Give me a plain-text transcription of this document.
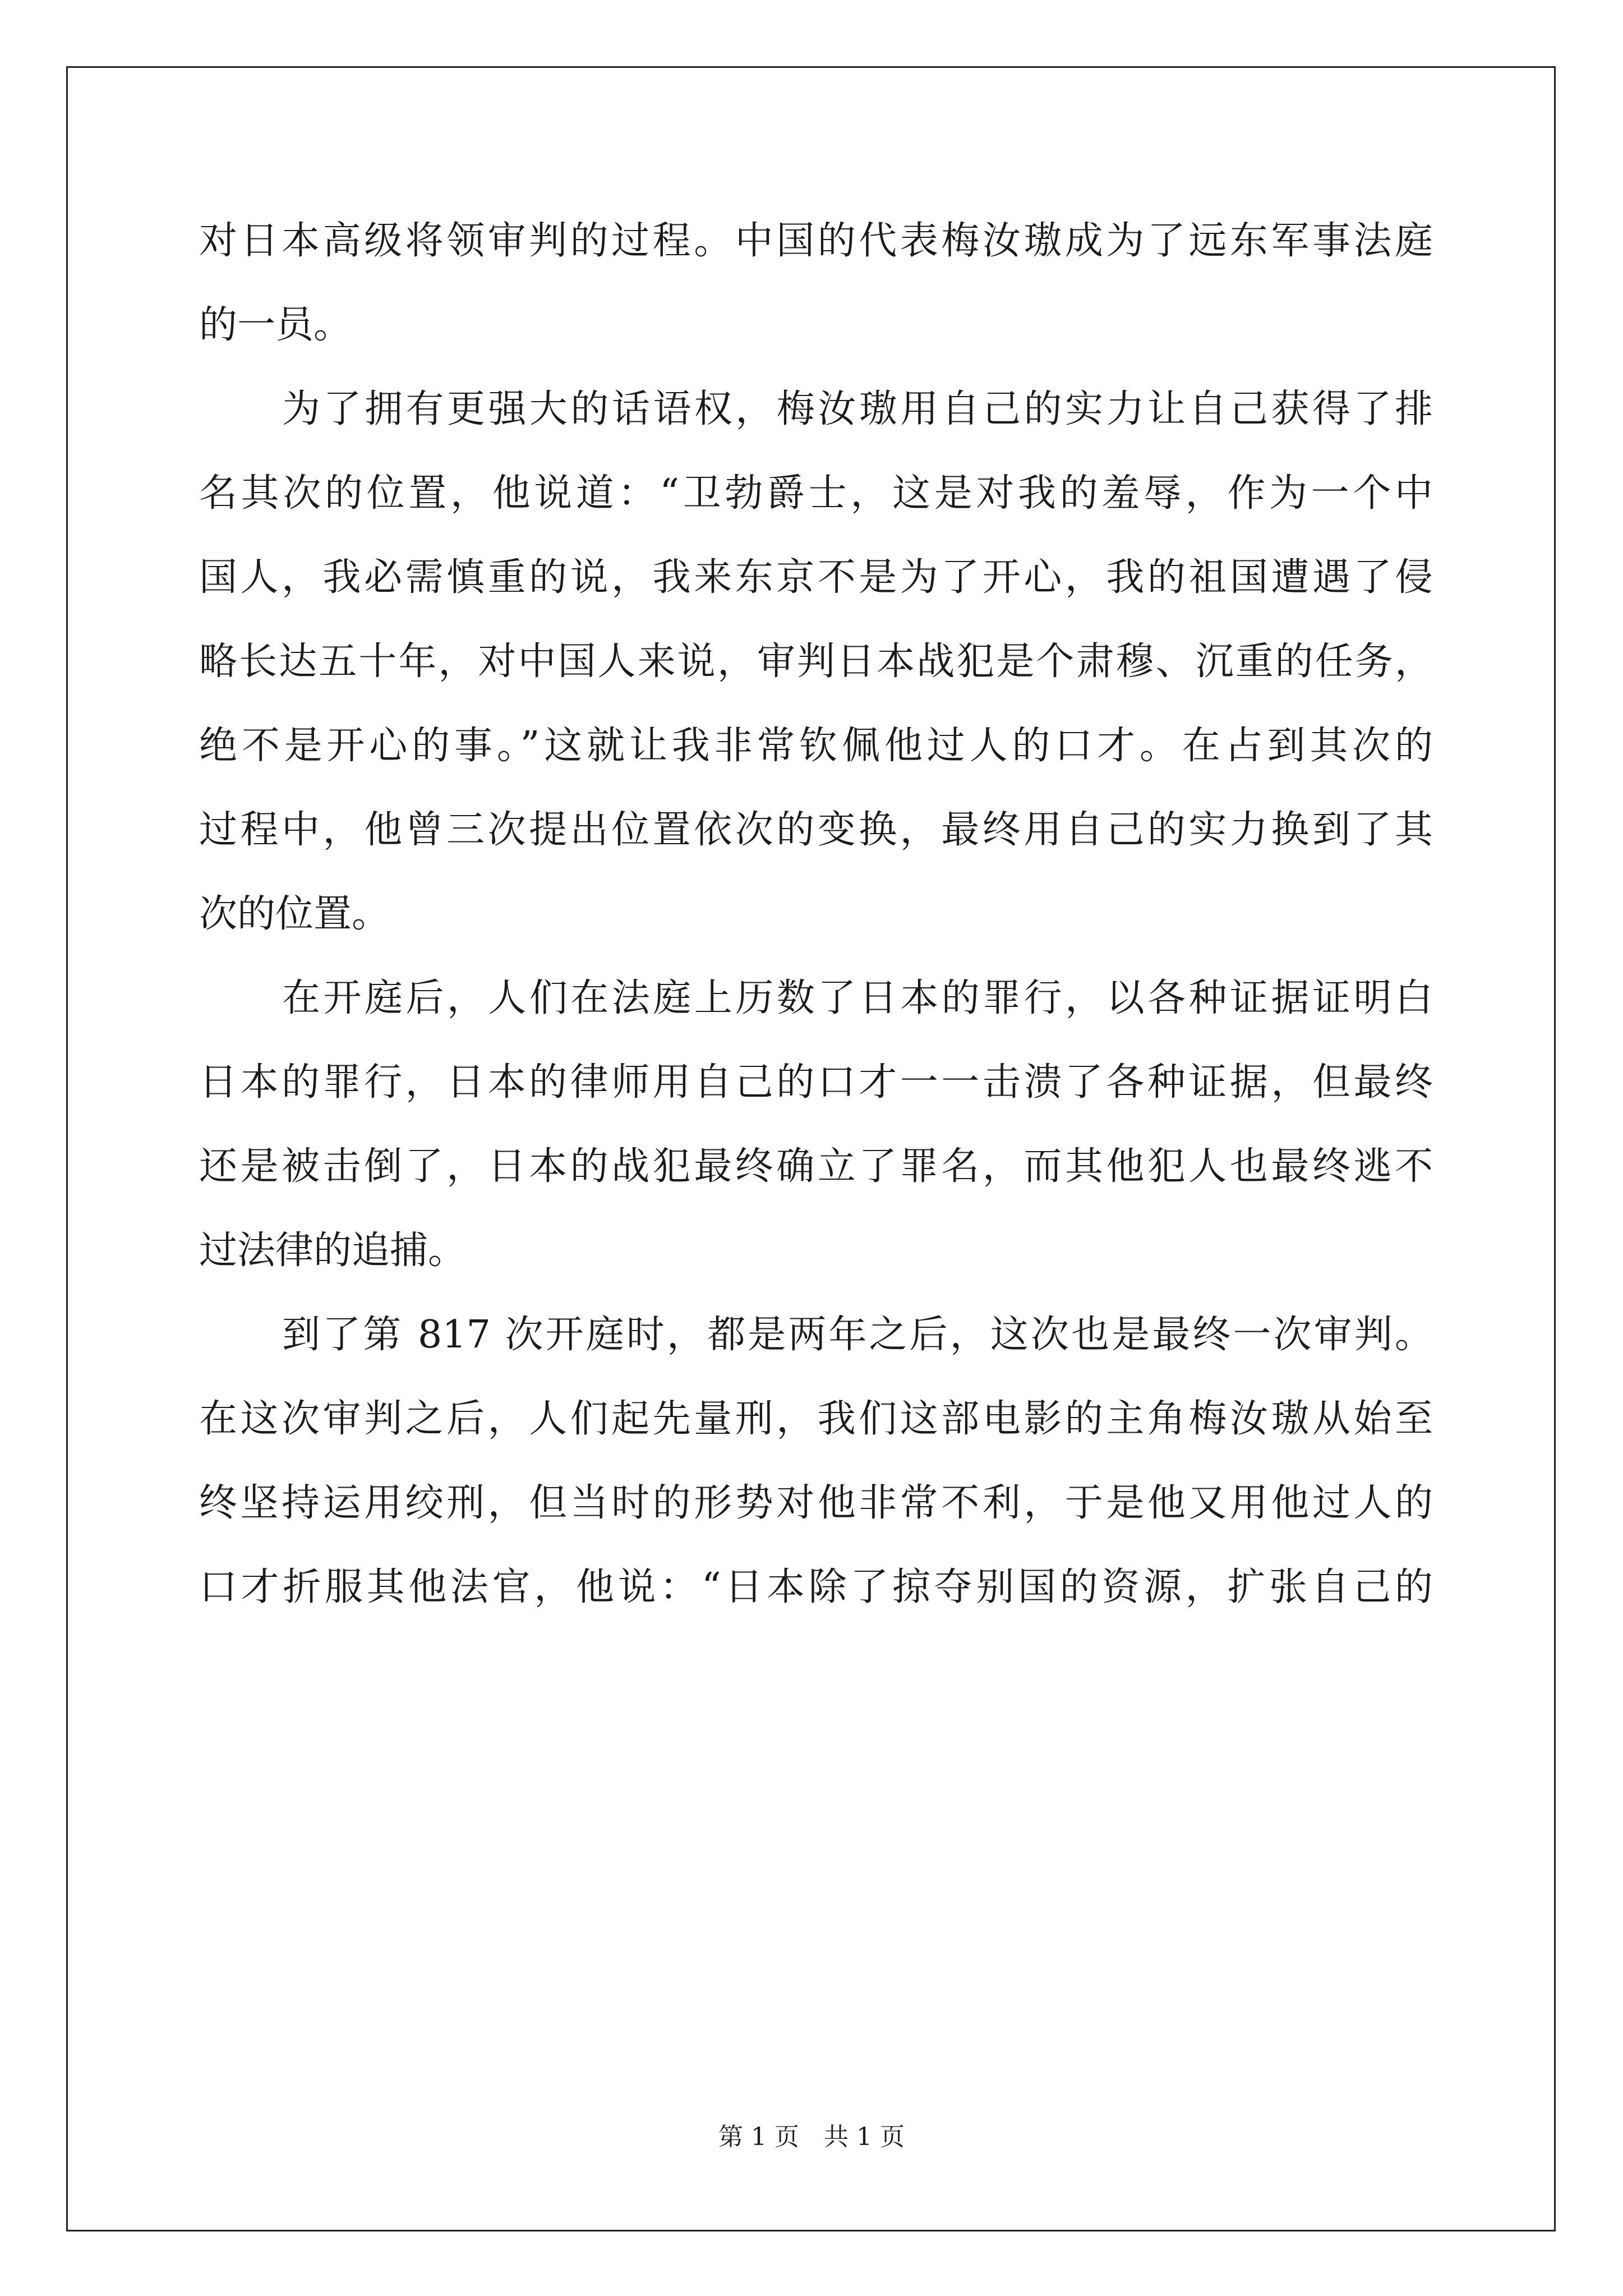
对日本高级将领审判的过程。中国的代表梅汝璈成为了远东军事法庭
的一员。
为了拥有更强大的话语权，梅汝璈用自己的实力让自己获得了排
名其次的位置，他说道：“卫勃爵士，这是对我的羞辱，作为一个中
国人，我必需慎重的说，我来东京不是为了开心，我的祖国遭遇了侵
略长达五十年，对中国人来说，审判日本战犯是个肃穆、沉重的任务，
绝不是开心的事。”这就让我非常钦佩他过人的口才。在占到其次的
过程中，他曾三次提出位置依次的变换，最终用自己的实力换到了其
次的位置。
在开庭后，人们在法庭上历数了日本的罪行，以各种证据证明白
日本的罪行，日本的律师用自己的口才一一击溃了各种证据，但最终
还是被击倒了，日本的战犯最终确立了罪名，而其他犯人也最终逃不
过法律的追捕。
到了第 817 次开庭时，都是两年之后，这次也是最终一次审判。
在这次审判之后，人们起先量刑，我们这部电影的主角梅汝璈从始至
终坚持运用绞刑，但当时的形势对他非常不利，于是他又用他过人的
口才折服其他法官，他说：“日本除了掠夺别国的资源，扩张自己的
第 1 页　共 1 页
